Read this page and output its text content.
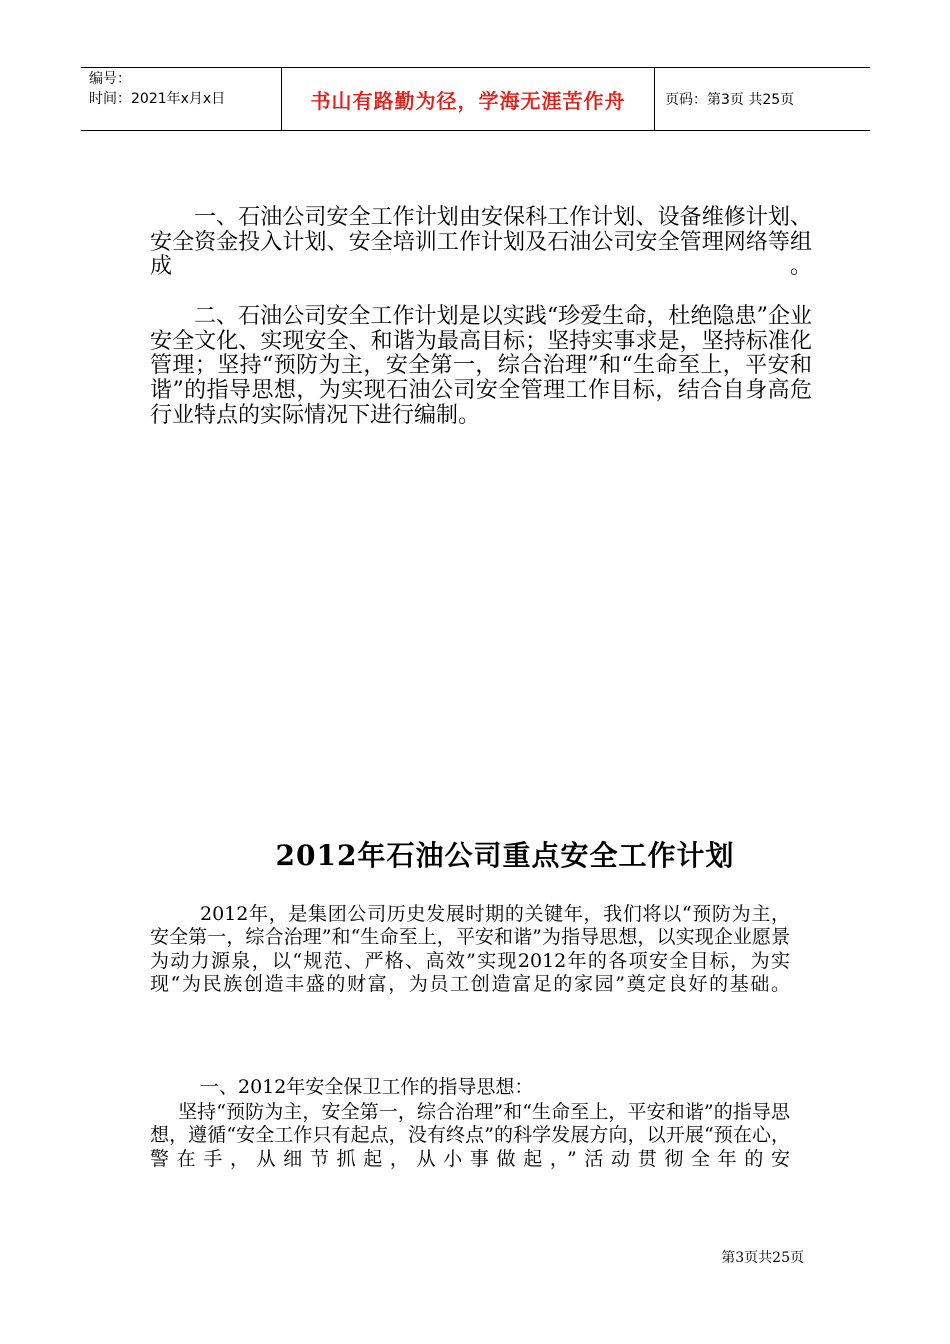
编号：
时间：2021年x月x日	书山有路勤为径，学海无涯苦作舟	页码：第3页 共25页

一、石油公司安全工作计划由安保科工作计划、设备维修计划、安全资金投入计划、安全培训工作计划及石油公司安全管理网络等组成。

二、石油公司安全工作计划是以实践“珍爱生命，杜绝隐患”企业安全文化、实现安全、和谐为最高目标；坚持实事求是，坚持标准化管理；坚持“预防为主，安全第一，综合治理”和“生命至上，平安和谐”的指导思想，为实现石油公司安全管理工作目标，结合自身高危行业特点的实际情况下进行编制。

2012年石油公司重点安全工作计划

2012年，是集团公司历史发展时期的关键年，我们将以“预防为主，安全第一，综合治理”和“生命至上，平安和谐”为指导思想，以实现企业愿景为动力源泉，以“规范、严格、高效”实现2012年的各项安全目标，为实现“为民族创造丰盛的财富，为员工创造富足的家园”奠定良好的基础。

一、2012年安全保卫工作的指导思想：

坚持“预防为主，安全第一，综合治理”和“生命至上，平安和谐”的指导思想，遵循“安全工作只有起点，没有终点”的科学发展方向，以开展“预在心，警在手，从细节抓起，从小事做起，”活动贯彻全年的安

第3页共25页
